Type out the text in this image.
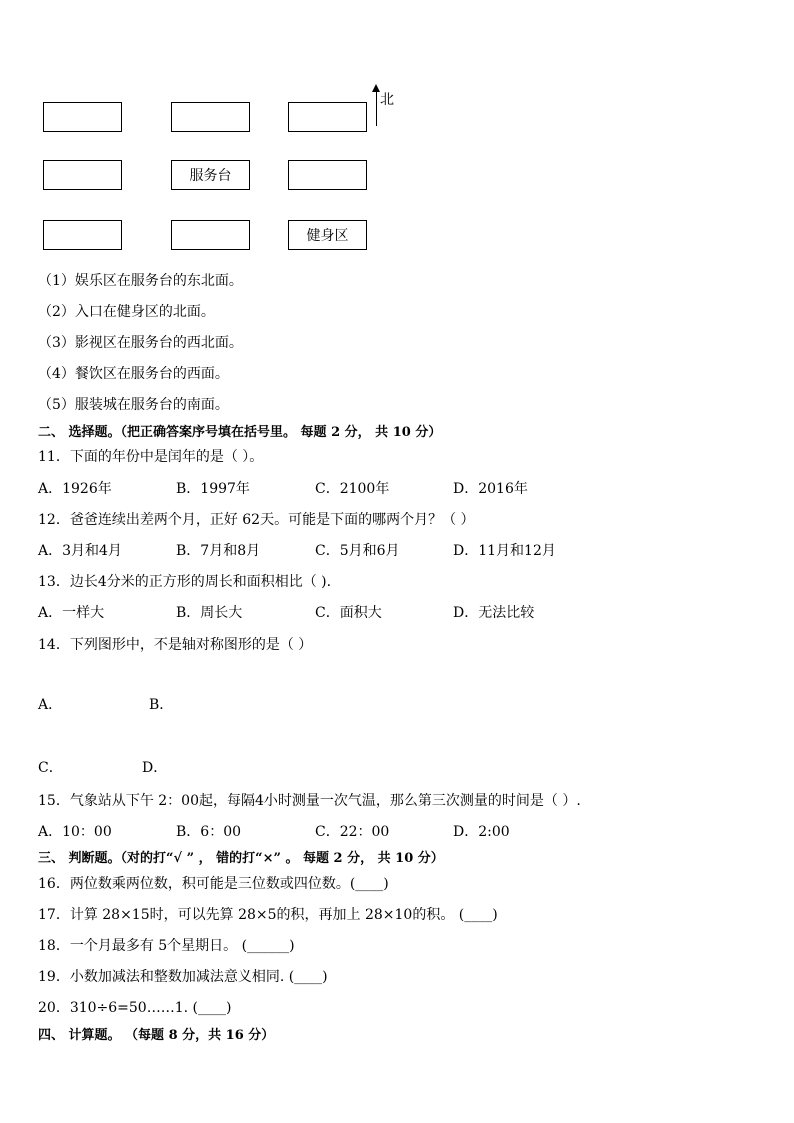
服务台
健身区
北
（1）娱乐区在服务台的东北面。
（2）入口在健身区的北面。
（3）影视区在服务台的西北面。
（4）餐饮区在服务台的西面。
（5）服装城在服务台的南面。
二、 选择题。（把正确答案序号填在括号里。 每题 2 分， 共 10 分）
11．下面的年份中是闰年的是（ ）。
A．1926年	B．1997年	C．2100年	D．2016年
12．爸爸连续出差两个月，正好 62天。可能是下面的哪两个月？（ ）
A．3月和4月	B．7月和8月	C．5月和6月	D．11月和12月
13．边长4分米的正方形的周长和面积相比（ ).
A．一样大	B．周长大	C．面积大	D．无法比较
14．下列图形中，不是轴对称图形的是（ ）
A．	B．
C．	D．
15．气象站从下午 2：00起，每隔4小时测量一次气温，那么第三次测量的时间是（ ）.
A．10：00	B．6：00	C．22：00	D．2:00
三、 判断题。（对的打“√ ” ， 错的打“×” 。 每题 2 分， 共 10 分）
16．两位数乘两位数，积可能是三位数或四位数。(____)
17．计算 28×15时，可以先算 28×5的积，再加上 28×10的积。 (____)
18．一个月最多有 5个星期日。 (______)
19．小数加减法和整数加减法意义相同. (____)
20．310÷6=50……1. (____)
四、 计算题。 （每题 8 分，共 16 分）
